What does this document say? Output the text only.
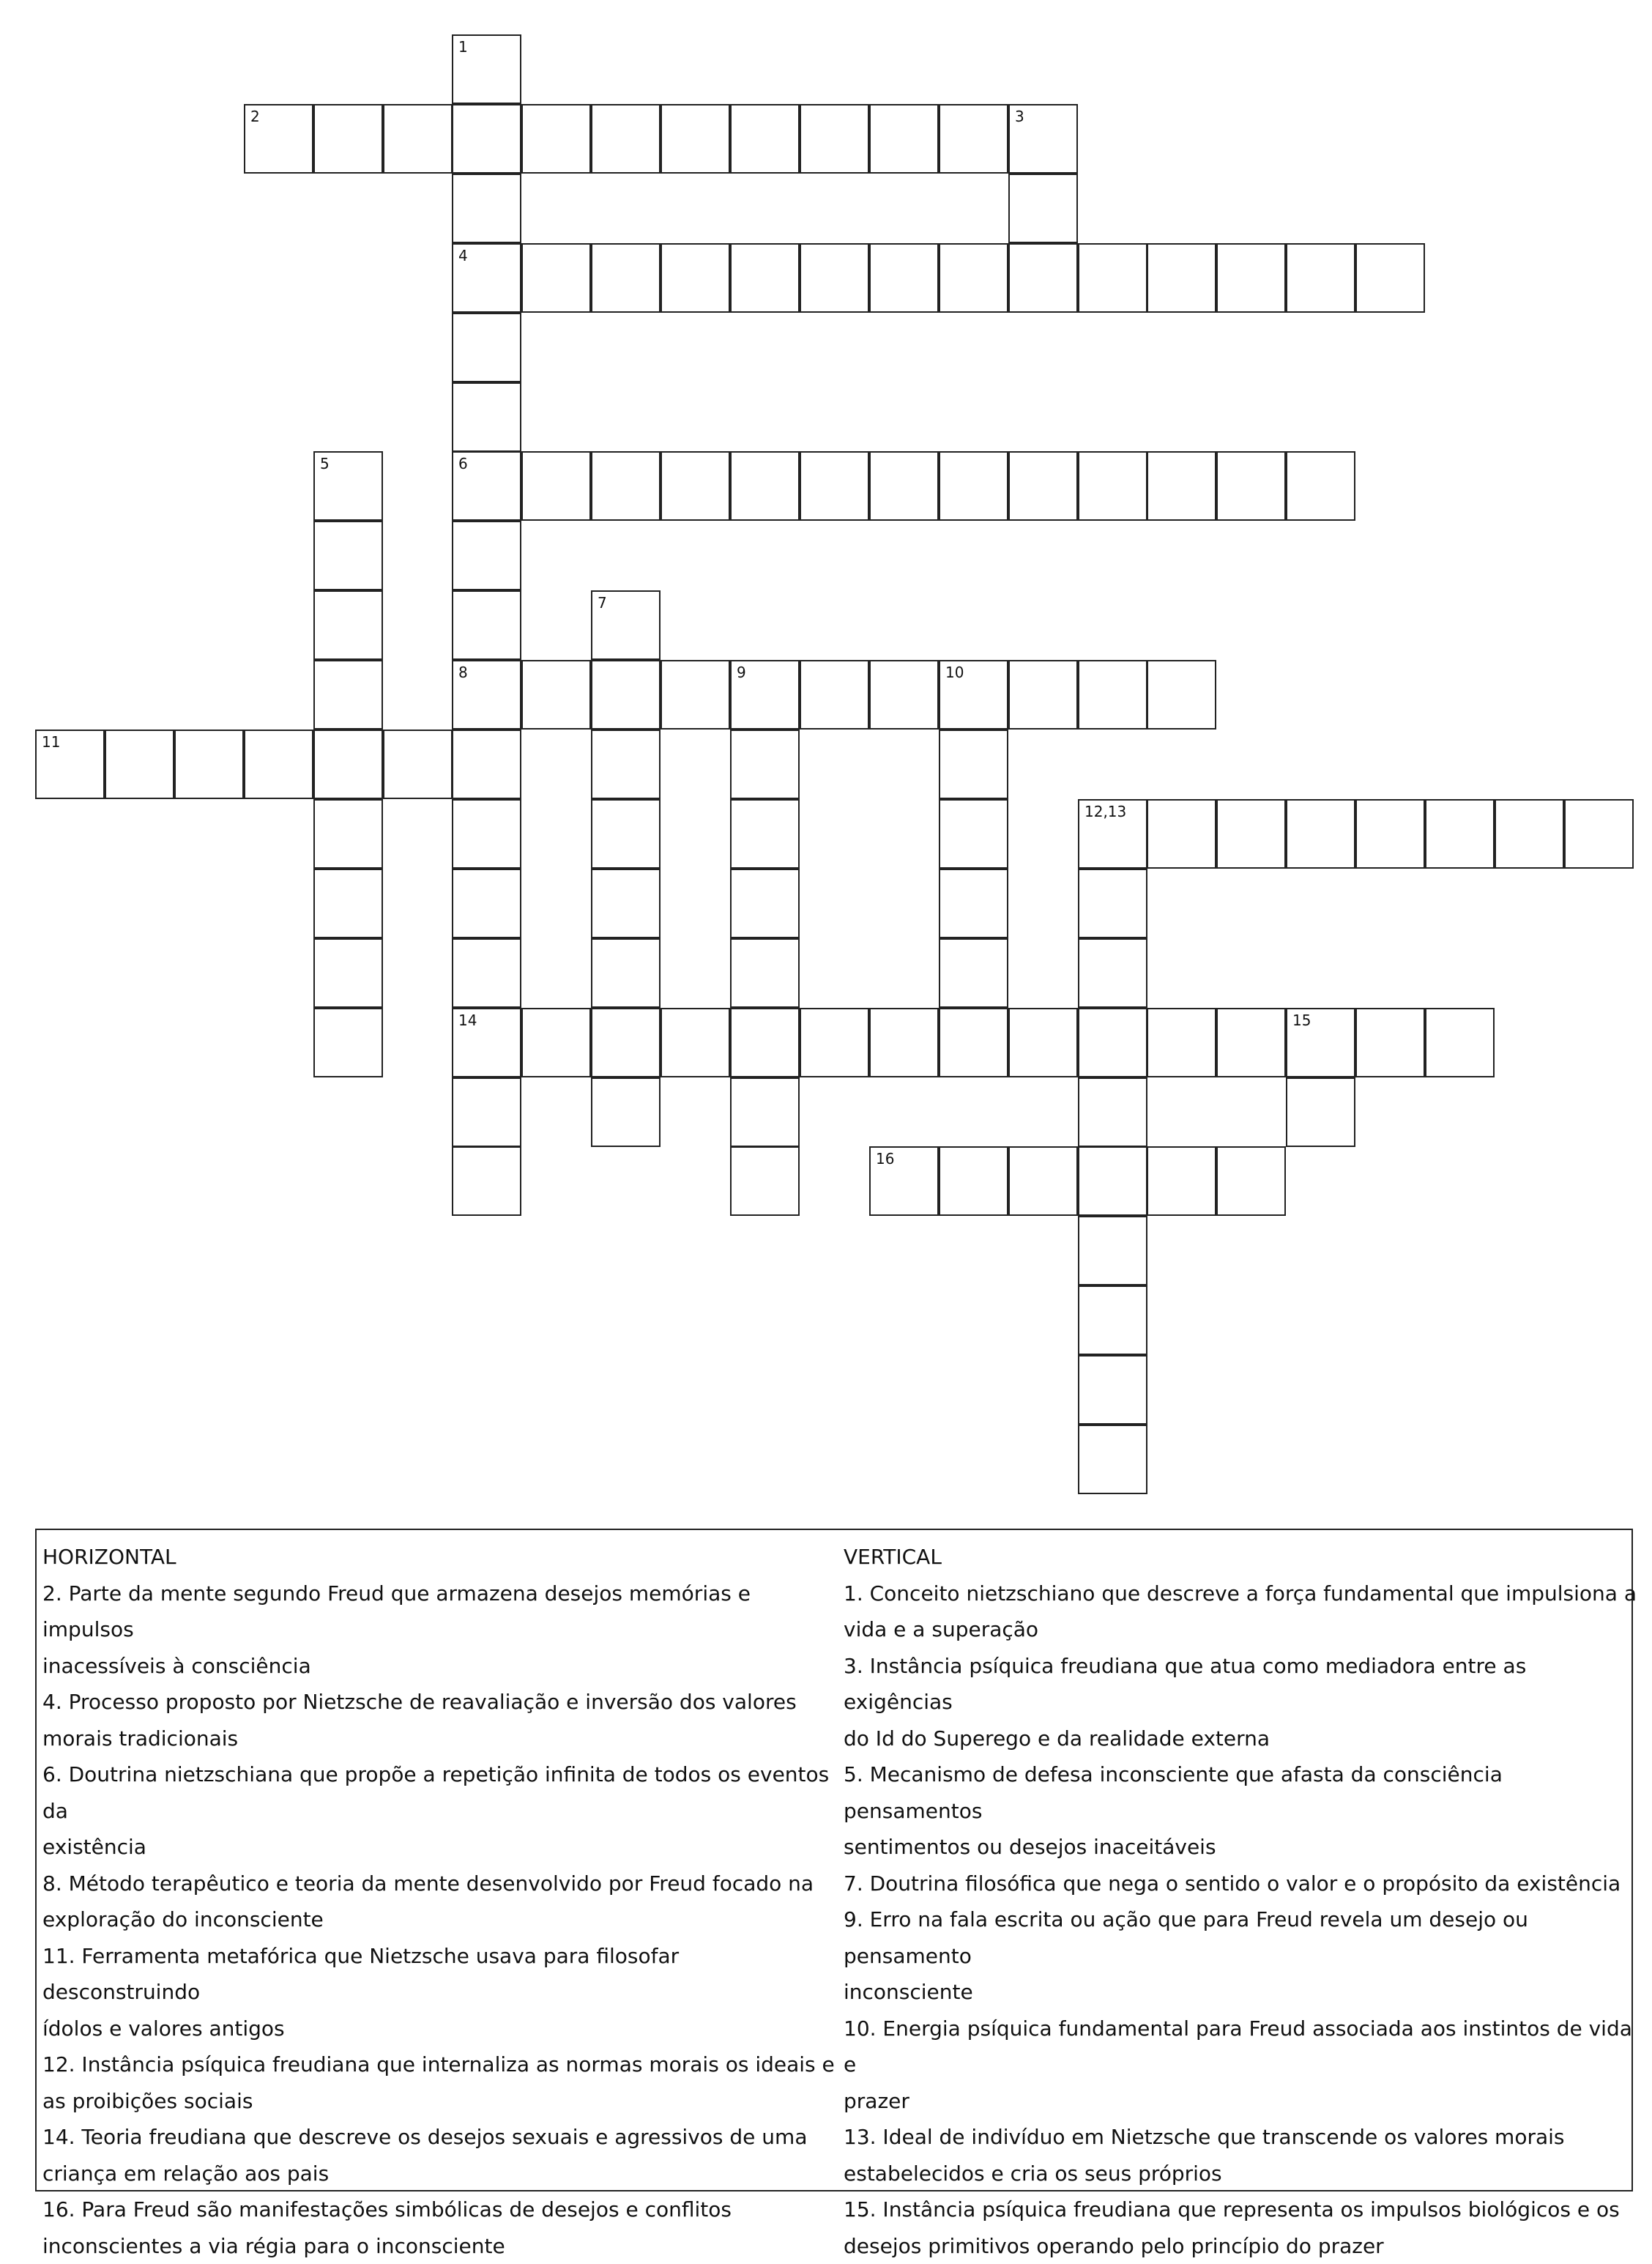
1
2	3
4
5	6
7
8	9	10
11
12,13
14	15
16
HORIZONTAL
2. Parte da mente segundo Freud que armazena desejos memórias e impulsos
inacessíveis à consciência
4. Processo proposto por Nietzsche de reavaliação e inversão dos valores
morais tradicionais
6. Doutrina nietzschiana que propõe a repetição infinita de todos os eventos da
existência
8. Método terapêutico e teoria da mente desenvolvido por Freud focado na
exploração do inconsciente
11. Ferramenta metafórica que Nietzsche usava para filosofar desconstruindo
ídolos e valores antigos
12. Instância psíquica freudiana que internaliza as normas morais os ideais e
as proibições sociais
14. Teoria freudiana que descreve os desejos sexuais e agressivos de uma
criança em relação aos pais
16. Para Freud são manifestações simbólicas de desejos e conflitos
inconscientes a via régia para o inconsciente
VERTICAL
1. Conceito nietzschiano que descreve a força fundamental que impulsiona a
vida e a superação
3. Instância psíquica freudiana que atua como mediadora entre as exigências
do Id do Superego e da realidade externa
5. Mecanismo de defesa inconsciente que afasta da consciência pensamentos
sentimentos ou desejos inaceitáveis
7. Doutrina filosófica que nega o sentido o valor e o propósito da existência
9. Erro na fala escrita ou ação que para Freud revela um desejo ou pensamento
inconsciente
10. Energia psíquica fundamental para Freud associada aos instintos de vida e
prazer
13. Ideal de indivíduo em Nietzsche que transcende os valores morais
estabelecidos e cria os seus próprios
15. Instância psíquica freudiana que representa os impulsos biológicos e os
desejos primitivos operando pelo princípio do prazer
